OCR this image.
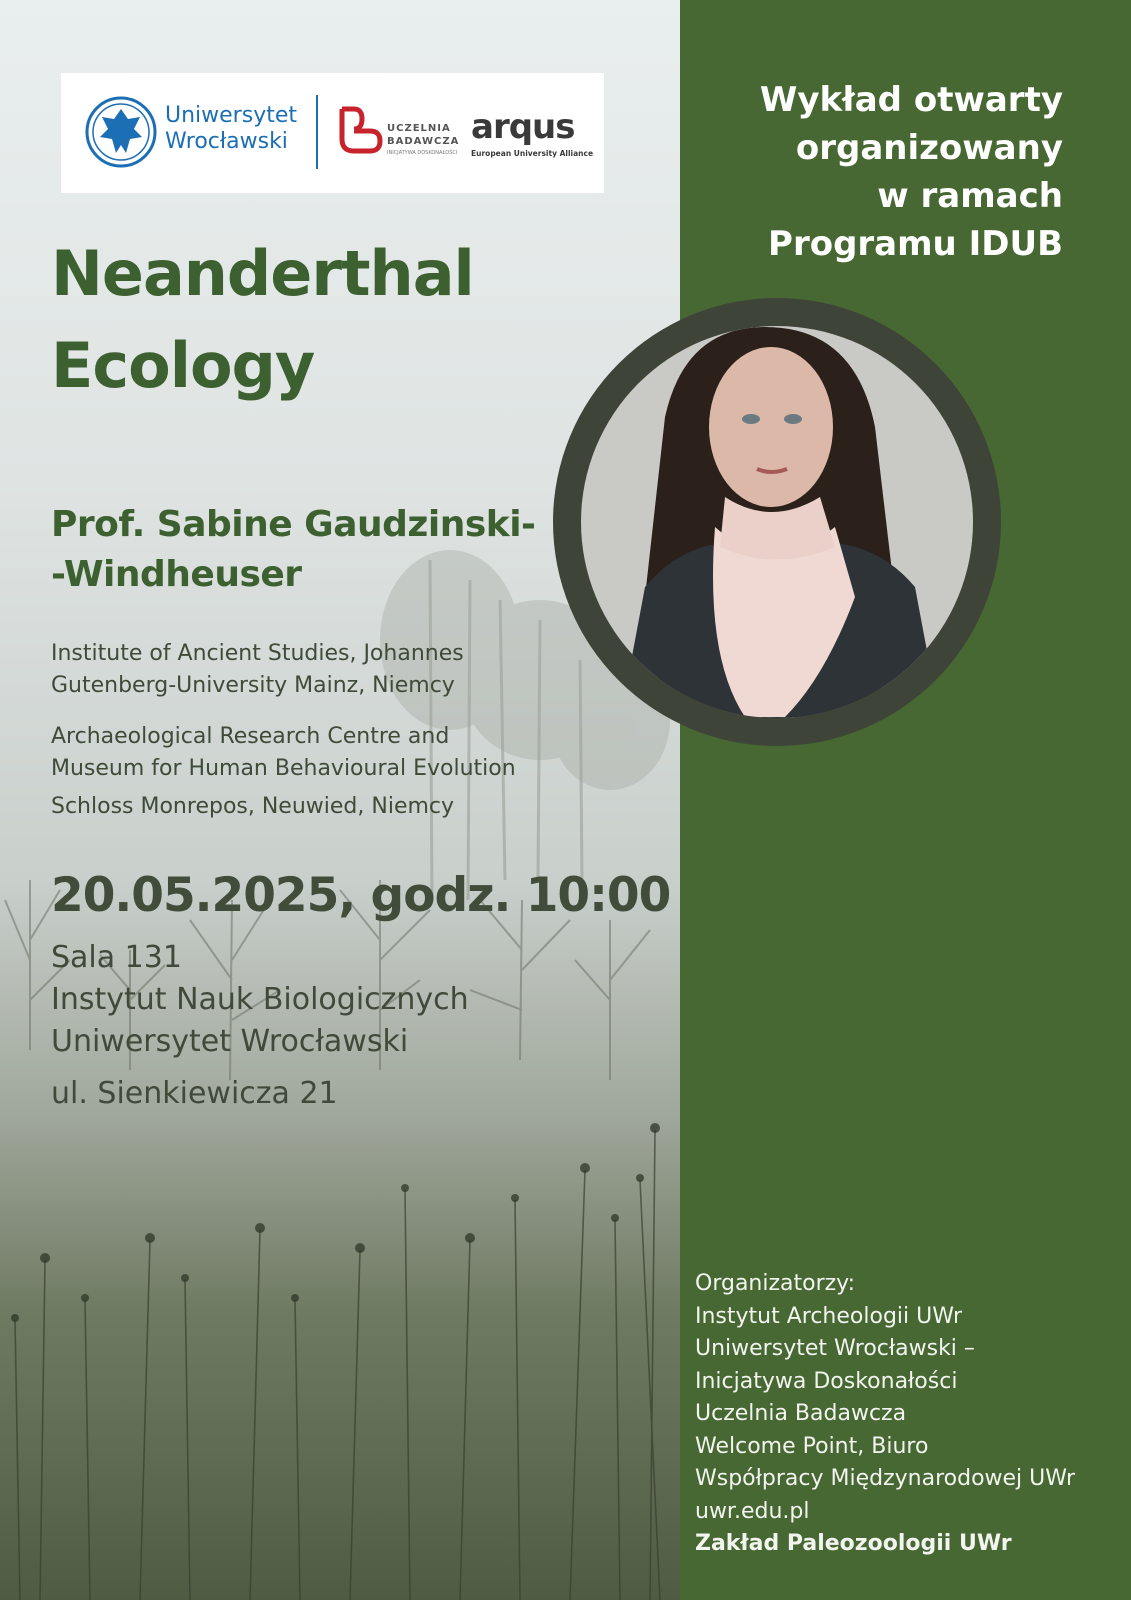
Uniwersytet
Wrocławski
UCZELNIA
BADAWCZA
INICJATYWA DOSKONAŁOŚCI
arqus
European University Alliance
Wykład otwarty
organizowany
w ramach
Programu IDUB
Neanderthal
Ecology
Prof. Sabine Gaudzinski-
-Windheuser
Institute of Ancient Studies, Johannes
Gutenberg-University Mainz, Niemcy
Archaeological Research Centre and
Museum for Human Behavioural Evolution
Schloss Monrepos, Neuwied, Niemcy
20.05.2025, godz. 10:00
Sala 131
Instytut Nauk Biologicznych
Uniwersytet Wrocławski
ul. Sienkiewicza 21
Organizatorzy:
Instytut Archeologii UWr
Uniwersytet Wrocławski –
Inicjatywa Doskonałości
Uczelnia Badawcza
Welcome Point, Biuro
Współpracy Międzynarodowej UWr
uwr.edu.pl
Zakład Paleozoologii UWr
